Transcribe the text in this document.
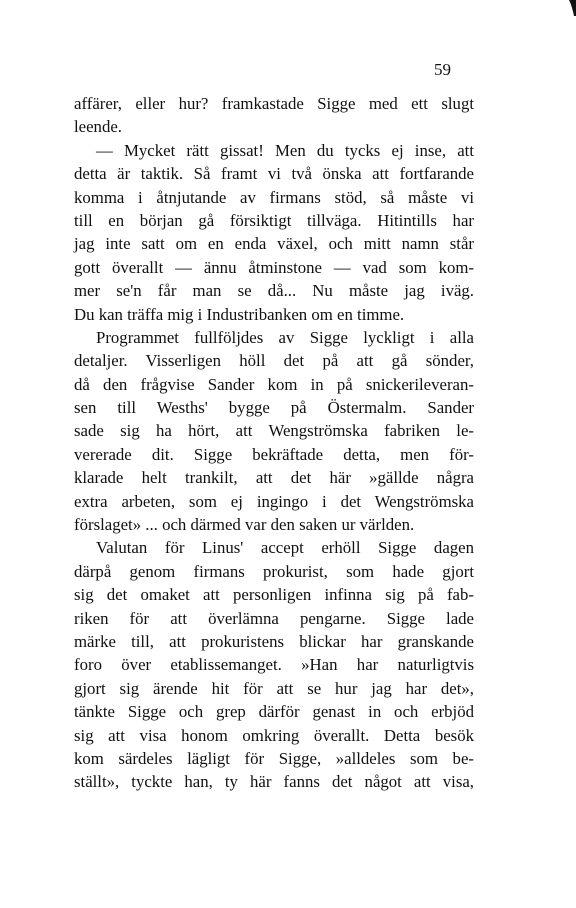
59
affärer, eller hur? framkastade Sigge med ett slugt
leende.
— Mycket rätt gissat! Men du tycks ej inse, att
detta är taktik. Så framt vi två önska att fortfarande
komma i åtnjutande av firmans stöd, så måste vi
till en början gå försiktigt tillväga. Hitintills har
jag inte satt om en enda växel, och mitt namn står
gott överallt — ännu åtminstone — vad som kom-
mer se'n får man se då... Nu måste jag iväg.
Du kan träffa mig i Industribanken om en timme.
Programmet fullföljdes av Sigge lyckligt i alla
detaljer. Visserligen höll det på att gå sönder,
då den frågvise Sander kom in på snickerileveran-
sen till Wesths' bygge på Östermalm. Sander
sade sig ha hört, att Wengströmska fabriken le-
vererade dit. Sigge bekräftade detta, men för-
klarade helt trankilt, att det här »gällde några
extra arbeten, som ej ingingo i det Wengströmska
förslaget» ... och därmed var den saken ur världen.
Valutan för Linus' accept erhöll Sigge dagen
därpå genom firmans prokurist, som hade gjort
sig det omaket att personligen infinna sig på fab-
riken för att överlämna pengarne. Sigge lade
märke till, att prokuristens blickar har granskande
foro över etablissemanget. »Han har naturligtvis
gjort sig ärende hit för att se hur jag har det»,
tänkte Sigge och grep därför genast in och erbjöd
sig att visa honom omkring överallt. Detta besök
kom särdeles lägligt för Sigge, »alldeles som be-
ställt», tyckte han, ty här fanns det något att visa,
